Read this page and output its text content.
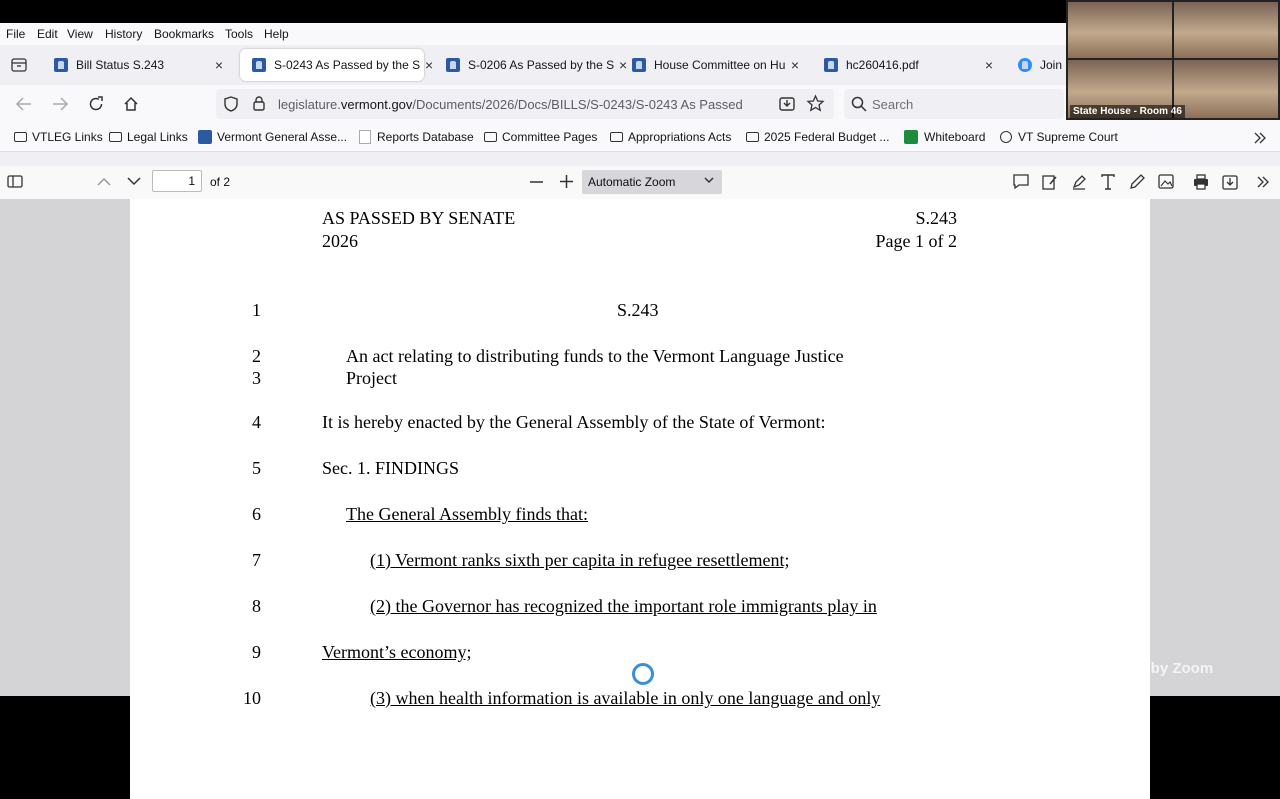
File Edit View History Bookmarks Tools Help
Bill Status S.243	×	S-0243 As Passed by the S ×	S-0206 As Passed by the S ×	House Committee on Hu ×	hc260416.pdf	×	Join
legislature.vermont.gov/Documents/2026/Docs/BILLS/S-0243/S-0243 As Passed	Search
VTLEG Links Legal Links Vermont General Asse... Reports Database Committee Pages	Appropriations Acts	2025 Federal Budget ...	Whiteboard	VT Supreme Court
1	of 2	Automatic Zoom
AS PASSED BY SENATE
2026
S.243
Page 1 of 2
1	S.243
2	An act relating to distributing funds to the Vermont Language Justice
3	Project
4	It is hereby enacted by the General Assembly of the State of Vermont:
5	Sec. 1. FINDINGS
6	The General Assembly finds that:
7	(1) Vermont ranks sixth per capita in refugee resettlement;
8	(2) the Governor has recognized the important role immigrants play in
9	Vermont’s economy;
10	(3) when health information is available in only one language and only
State House - Room 46
Powered by Zoom
